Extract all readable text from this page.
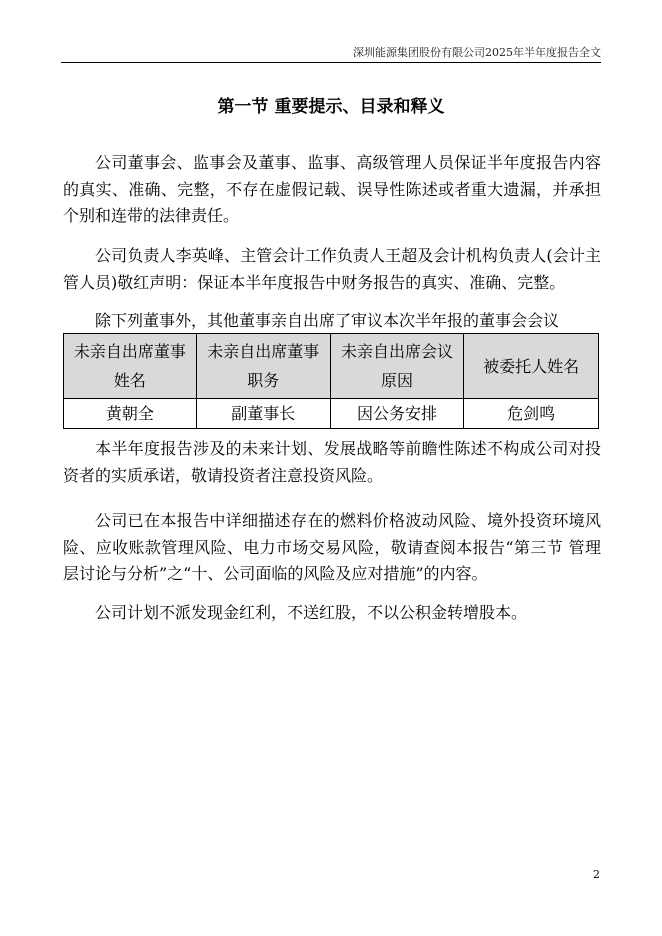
深圳能源集团股份有限公司2025年半年度报告全文
第一节 重要提示、目录和释义

公司董事会、监事会及董事、监事、高级管理人员保证半年度报告内容的真实、准确、完整，不存在虚假记载、误导性陈述或者重大遗漏，并承担个别和连带的法律责任。

公司负责人李英峰、主管会计工作负责人王超及会计机构负责人(会计主管人员)敬红声明：保证本半年度报告中财务报告的真实、准确、完整。

除下列董事外，其他董事亲自出席了审议本次半年报的董事会会议

未亲自出席董事姓名	未亲自出席董事职务	未亲自出席会议原因	被委托人姓名
黄朝全	副董事长	因公务安排	危剑鸣

本半年度报告涉及的未来计划、发展战略等前瞻性陈述不构成公司对投资者的实质承诺，敬请投资者注意投资风险。

公司已在本报告中详细描述存在的燃料价格波动风险、境外投资环境风险、应收账款管理风险、电力市场交易风险，敬请查阅本报告“第三节 管理层讨论与分析”之“十、公司面临的风险及应对措施”的内容。

公司计划不派发现金红利，不送红股，不以公积金转增股本。

2
